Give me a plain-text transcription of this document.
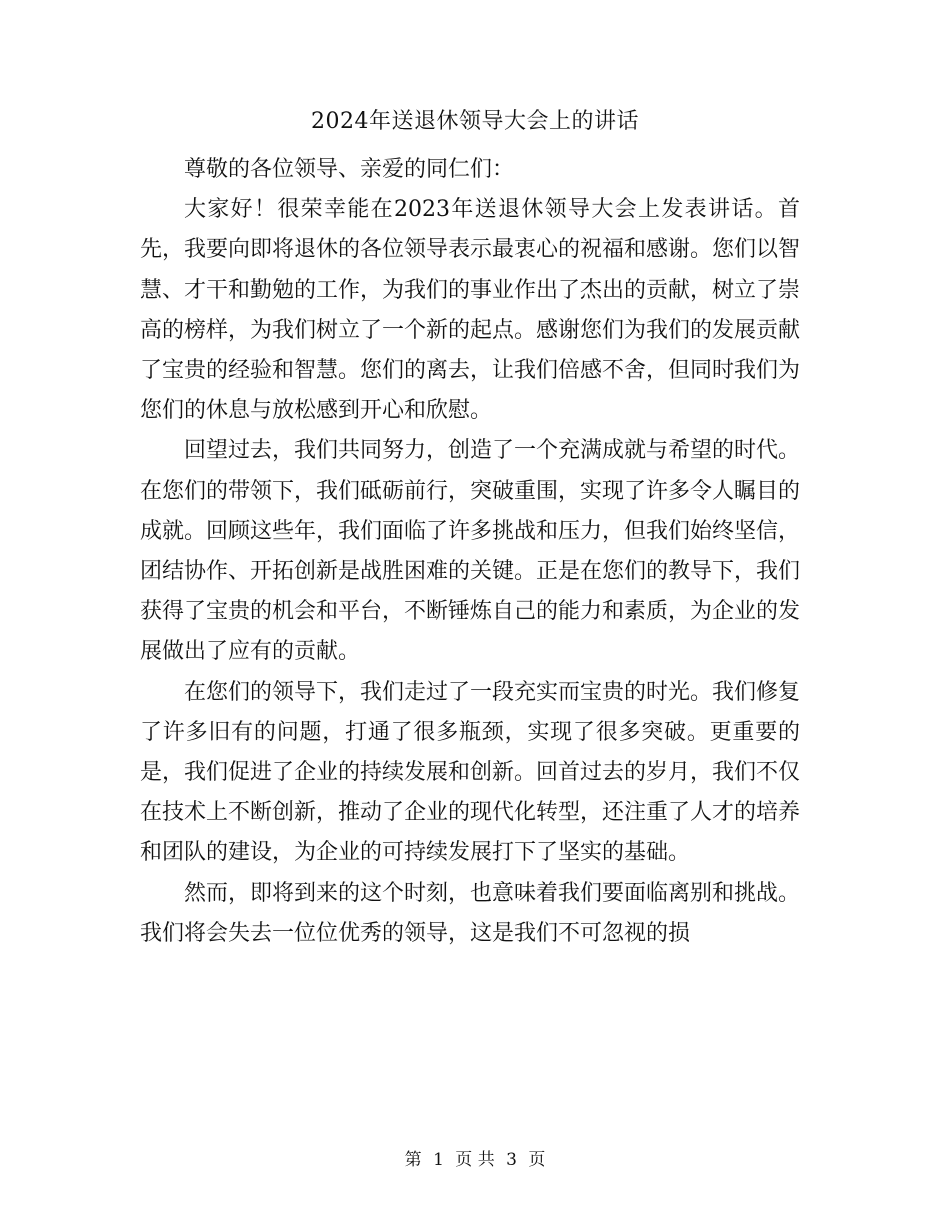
2024年送退休领导大会上的讲话

尊敬的各位领导、亲爱的同仁们：

大家好！很荣幸能在2023年送退休领导大会上发表讲话。首先，我要向即将退休的各位领导表示最衷心的祝福和感谢。您们以智慧、才干和勤勉的工作，为我们的事业作出了杰出的贡献，树立了崇高的榜样，为我们树立了一个新的起点。感谢您们为我们的发展贡献了宝贵的经验和智慧。您们的离去，让我们倍感不舍，但同时我们为您们的休息与放松感到开心和欣慰。

回望过去，我们共同努力，创造了一个充满成就与希望的时代。在您们的带领下，我们砥砺前行，突破重围，实现了许多令人瞩目的成就。回顾这些年，我们面临了许多挑战和压力，但我们始终坚信，团结协作、开拓创新是战胜困难的关键。正是在您们的教导下，我们获得了宝贵的机会和平台，不断锤炼自己的能力和素质，为企业的发展做出了应有的贡献。

在您们的领导下，我们走过了一段充实而宝贵的时光。我们修复了许多旧有的问题，打通了很多瓶颈，实现了很多突破。更重要的是，我们促进了企业的持续发展和创新。回首过去的岁月，我们不仅在技术上不断创新，推动了企业的现代化转型，还注重了人才的培养和团队的建设，为企业的可持续发展打下了坚实的基础。

然而，即将到来的这个时刻，也意味着我们要面临离别和挑战。我们将会失去一位位优秀的领导，这是我们不可忽视的损

第 1 页 共 3 页
